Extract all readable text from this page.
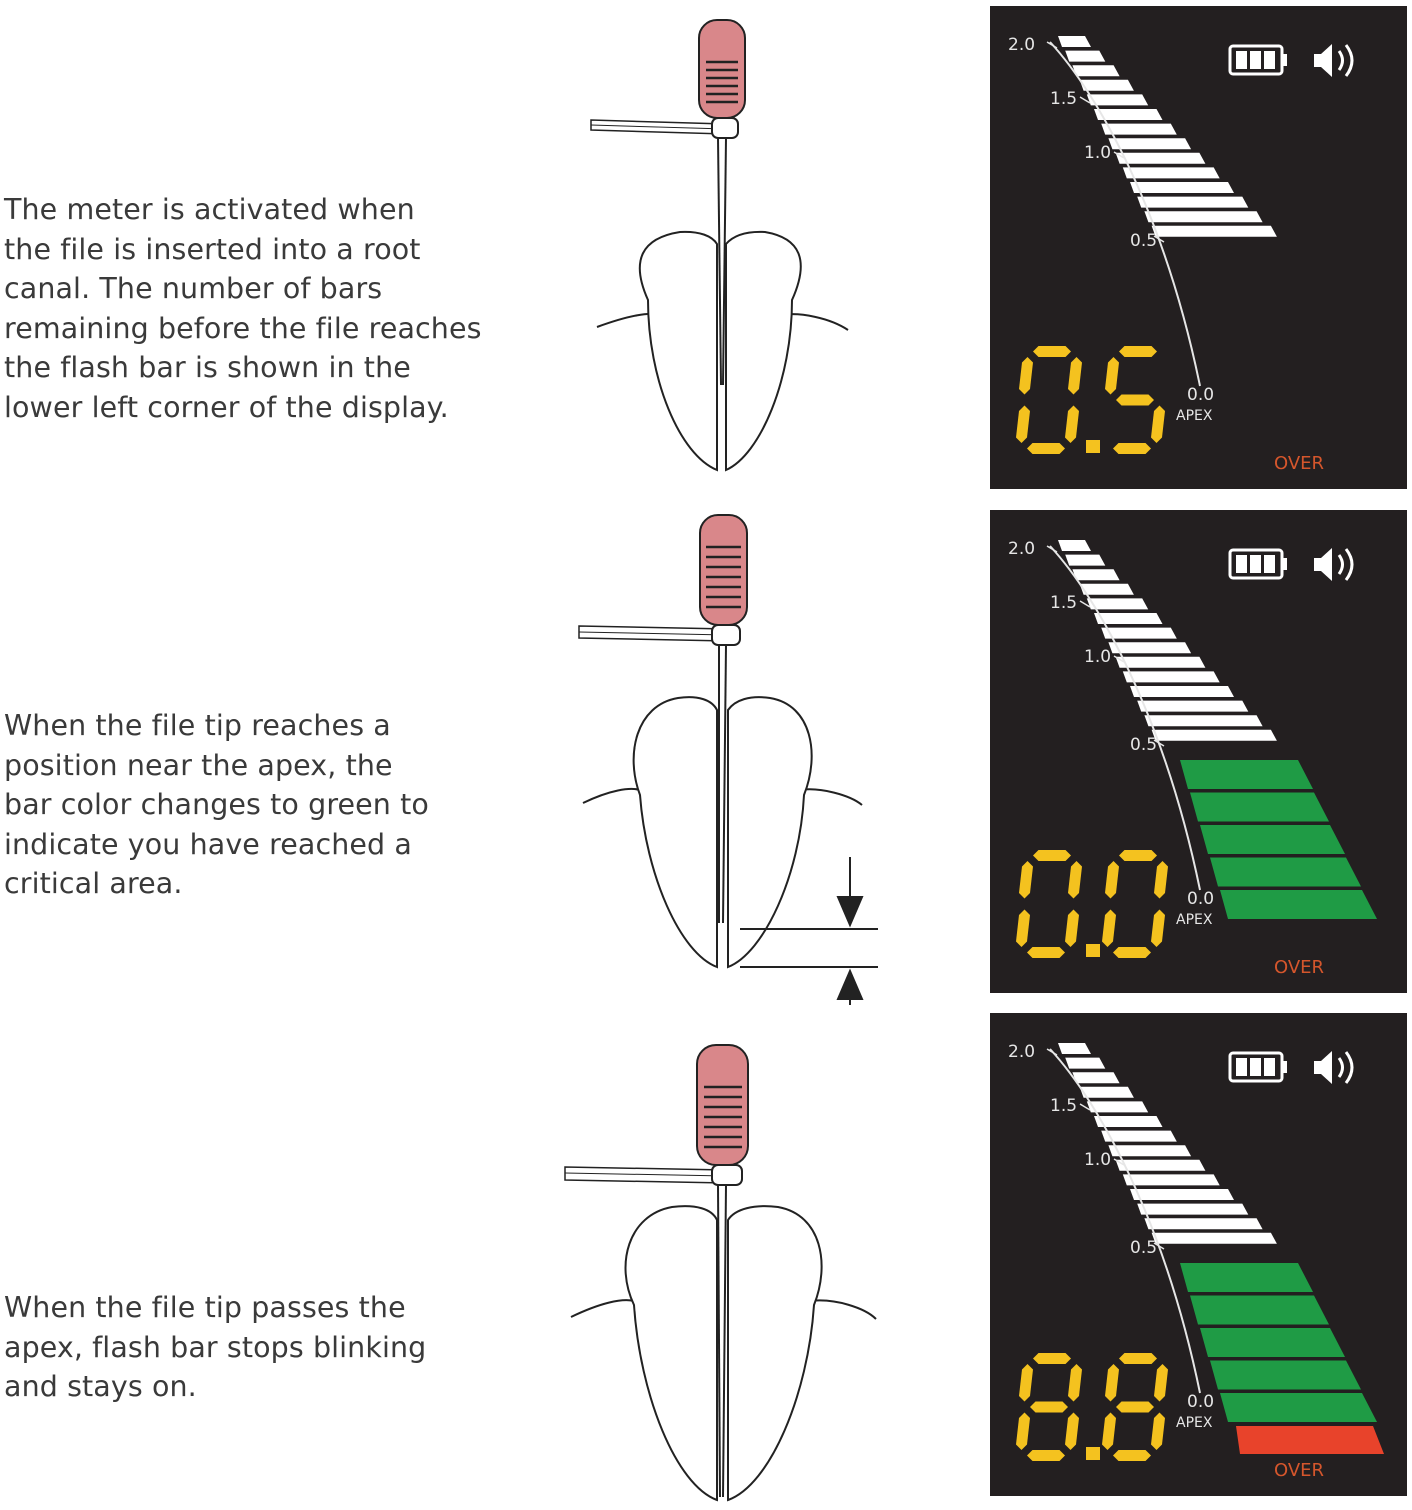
The meter is activated when
the file is inserted into a root
canal. The number of bars
remaining before the file reaches
the flash bar is shown in the
lower left corner of the display.
2.0
1.5
1.0
0.5
0.0
APEX
OVER
When the file tip reaches a
position near the apex, the
bar color changes to green to
indicate you have reached a
critical area.
2.0
1.5
1.0
0.5
0.0
APEX
OVER
When the file tip passes the
apex, flash bar stops blinking
and stays on.
2.0
1.5
1.0
0.5
0.0
APEX
OVER
